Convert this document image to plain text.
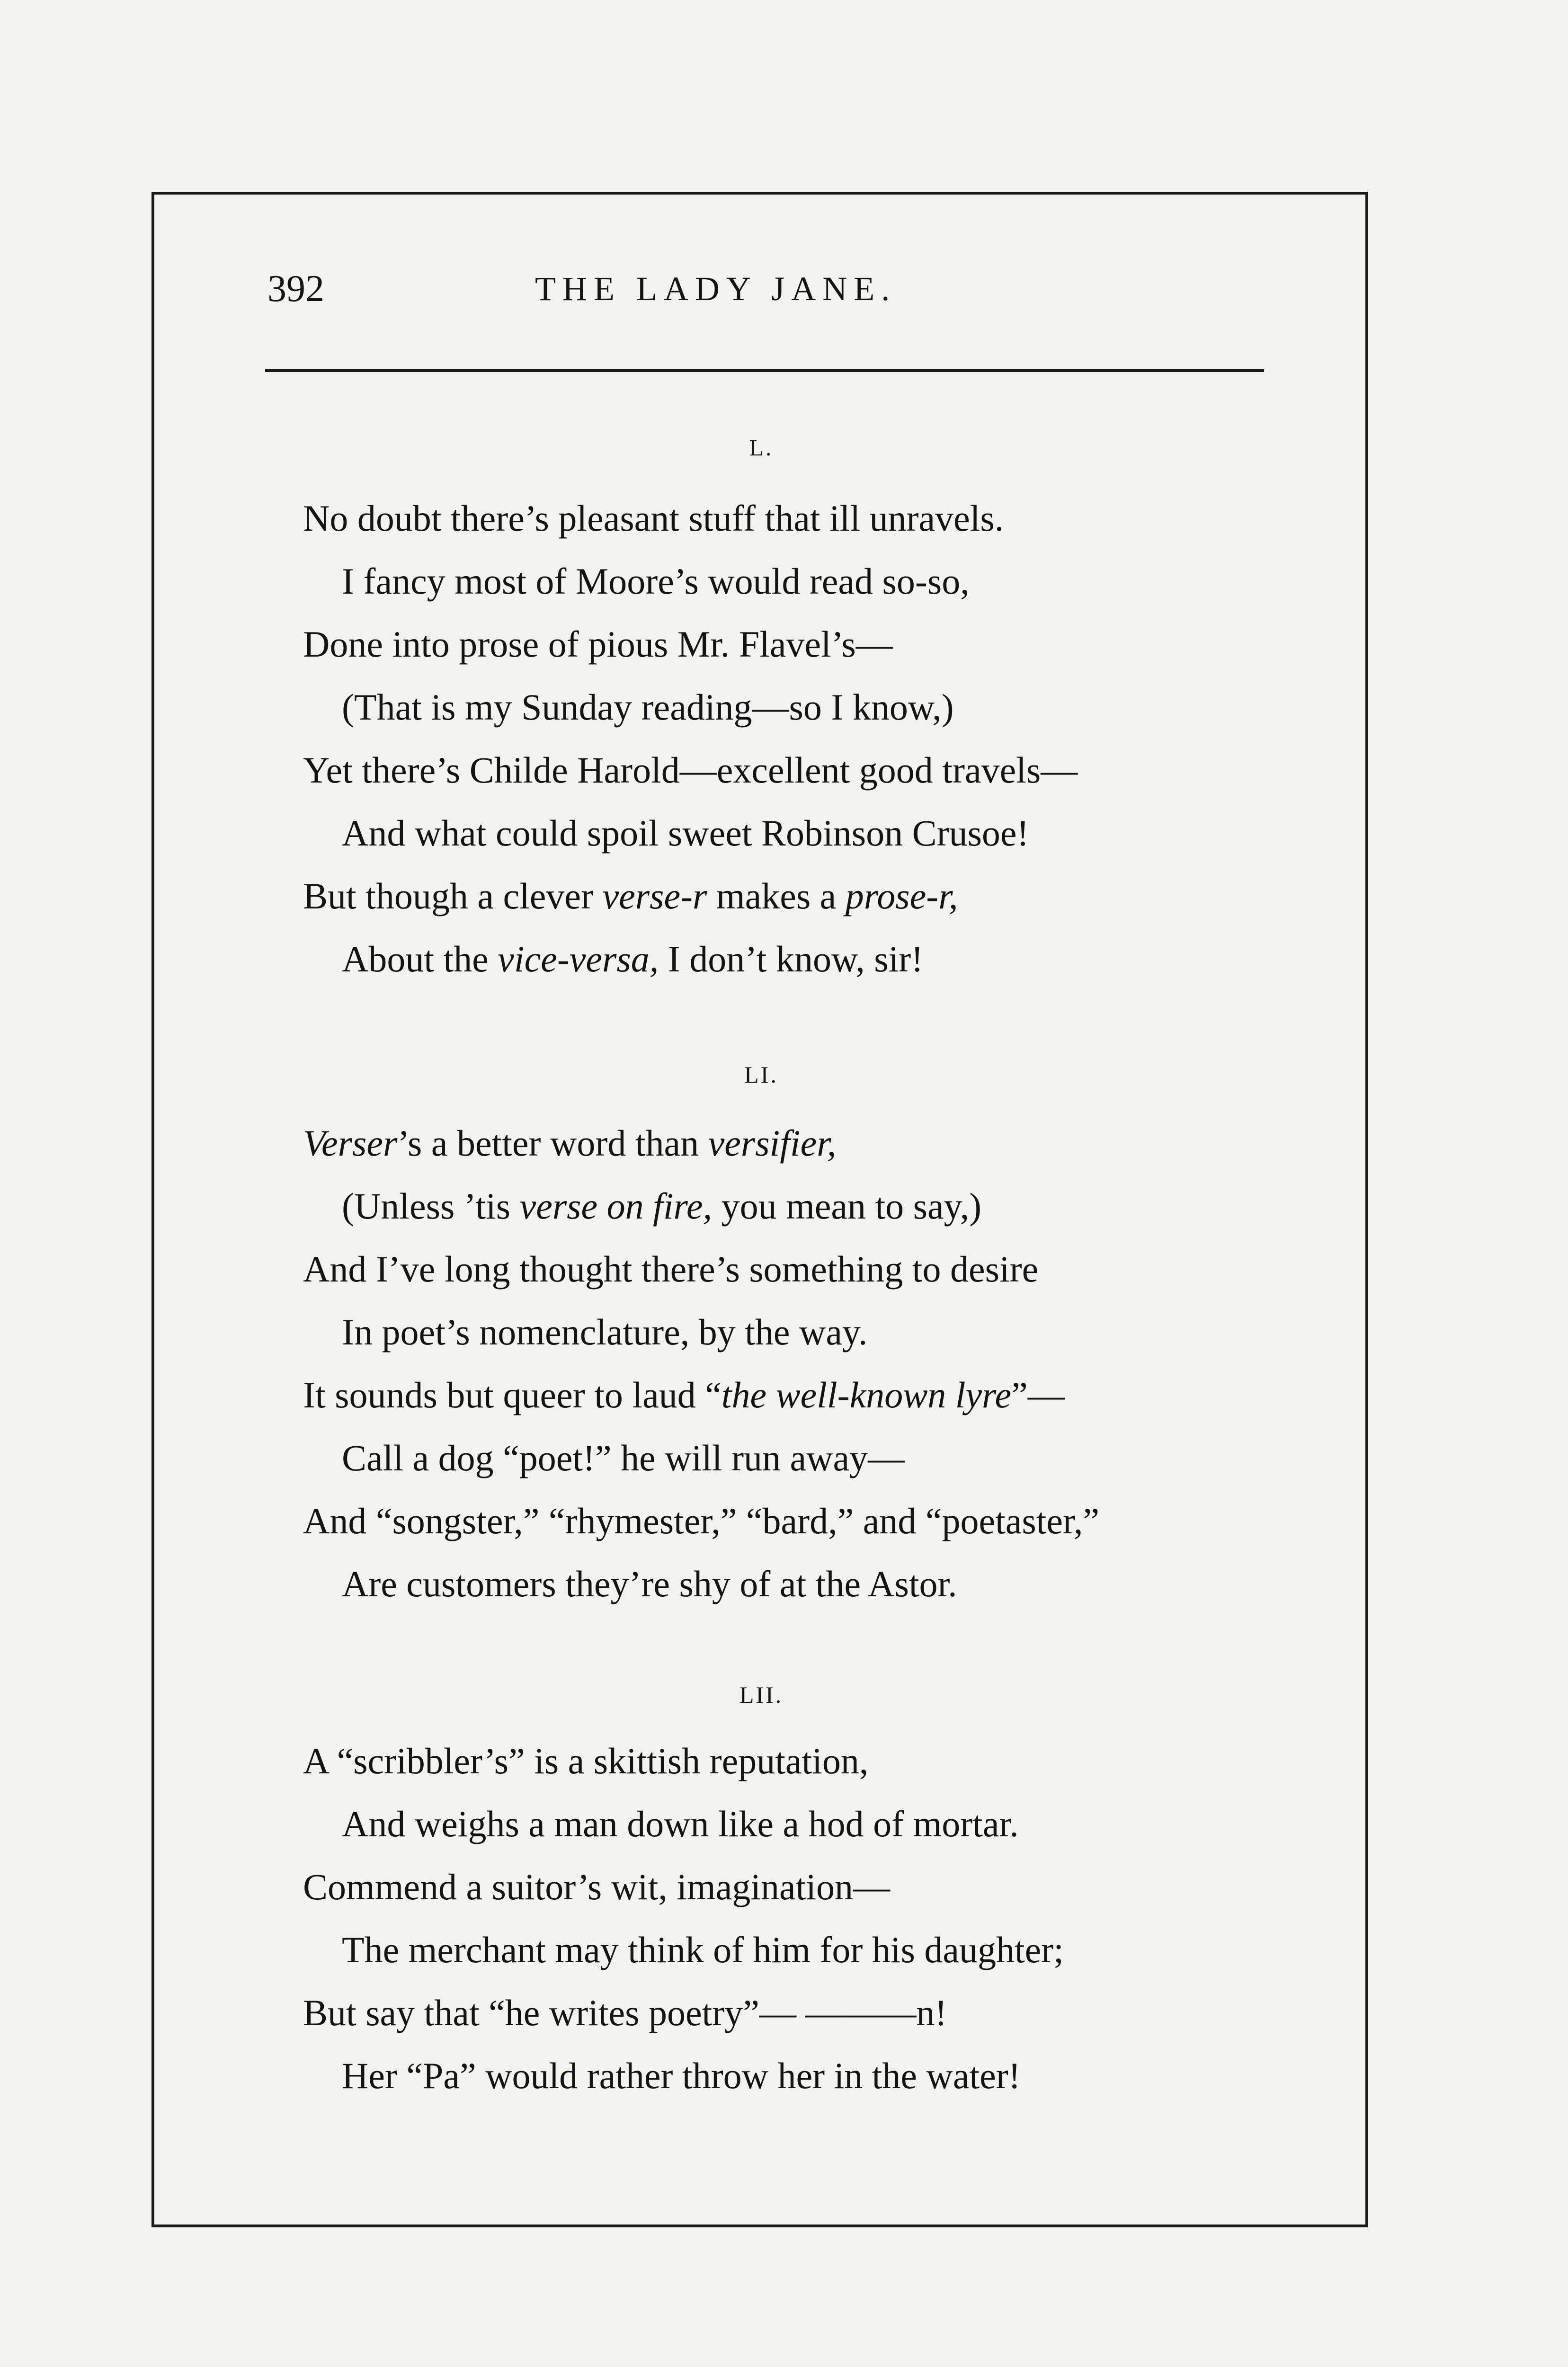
392	THE LADY JANE.
L.
No doubt there’s pleasant stuff that ill unravels.
I fancy most of Moore’s would read so-so,
Done into prose of pious Mr. Flavel’s—
(That is my Sunday reading—so I know,)
Yet there’s Childe Harold—excellent good travels—
And what could spoil sweet Robinson Crusoe!
But though a clever verse-r makes a prose-r,
About the vice-versa, I don’t know, sir!
LI.
Verser’s a better word than versifier,
(Unless ’tis verse on fire, you mean to say,)
And I’ve long thought there’s something to desire
In poet’s nomenclature, by the way.
It sounds but queer to laud “the well-known lyre”—
Call a dog “poet!” he will run away—
And “songster,” “rhymester,” “bard,” and “poetaster,”
Are customers they’re shy of at the Astor.
LII.
A “scribbler’s” is a skittish reputation,
And weighs a man down like a hod of mortar.
Commend a suitor’s wit, imagination—
The merchant may think of him for his daughter;
But say that “he writes poetry”— ———n!
Her “Pa” would rather throw her in the water!
